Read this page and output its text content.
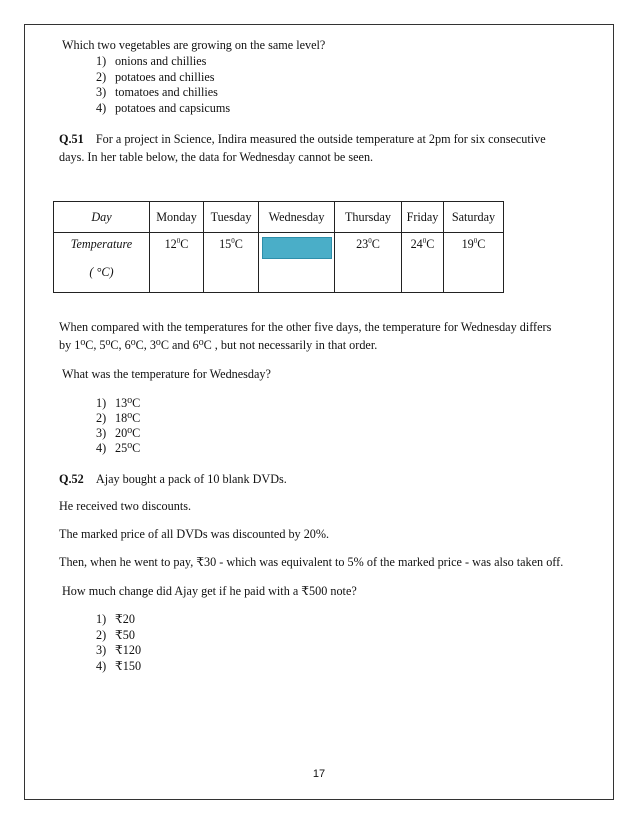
Which two vegetables are growing on the same level?
1) onions and chillies
2) potatoes and chillies
3) tomatoes and chillies
4) potatoes and capsicums
Q.51 For a project in Science, Indira measured the outside temperature at 2pm for six consecutive
days. In her table below, the data for Wednesday cannot be seen.
Day	Monday	Tuesday	Wednesday	Thursday	Friday	Saturday

Temperature
( °C)	$12^0C$	$15^0C$		$23^0C$	$24^0C$	$19^0C$
When compared with the temperatures for the other five days, the temperature for Wednesday differs
by 1⁰C, 5⁰C, 6⁰C, 3⁰C and 6⁰C , but not necessarily in that order.
What was the temperature for Wednesday?
1) 13⁰C
2) 18⁰C
3) 20⁰C
4) 25⁰C
Q.52 Ajay bought a pack of 10 blank DVDs.
He received two discounts.
The marked price of all DVDs was discounted by 20%.
Then, when he went to pay, ₹30 - which was equivalent to 5% of the marked price - was also taken off.
How much change did Ajay get if he paid with a ₹500 note?
1) ₹20
2) ₹50
3) ₹120
4) ₹150
17
